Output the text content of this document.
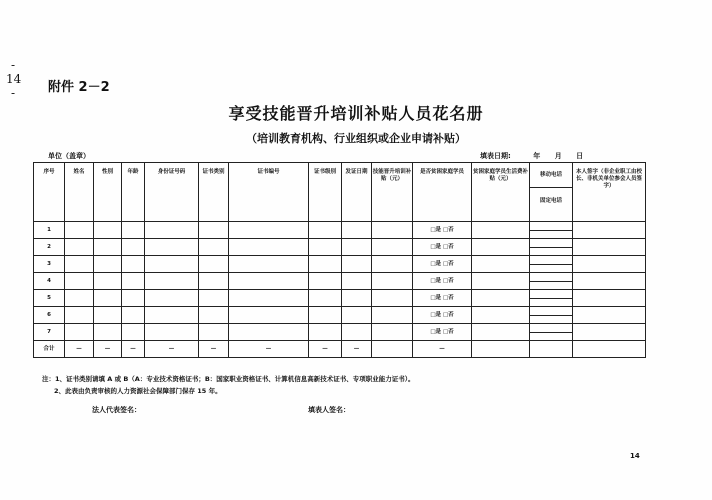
-
14
-	附件 2－2
享受技能晋升培训补贴人员花名册
（培训教育机构、行业组织或企业申请补贴）
单位（盖章）	填表日期:	年 月 日
序号	姓名	性别	年龄	身份证号码	证书类别	证书编号	证书级别	发证日期	技能晋升培训补贴（元）	是否贫困家庭学员	贫困家庭学员生活费补贴（元）	移动电话
固定电话	本人签字（非企业职工由校长、非机关单位参会人员签字）
1										□是 □否		

2										□是 □否		

3										□是 □否		

4										□是 □否		

5										□是 □否		

6										□是 □否		

7										□是 □否		

合计	—	—	—	—	—	—	—	—		—			
注：1、证书类别请填 A 或 B（A：专业技术资格证书；B：国家职业资格证书、计算机信息高新技术证书、专项职业能力证书）。
2、此表由负责审核的人力资源社会保障部门保存 15 年。
法人代表签名：	填表人签名：
14
